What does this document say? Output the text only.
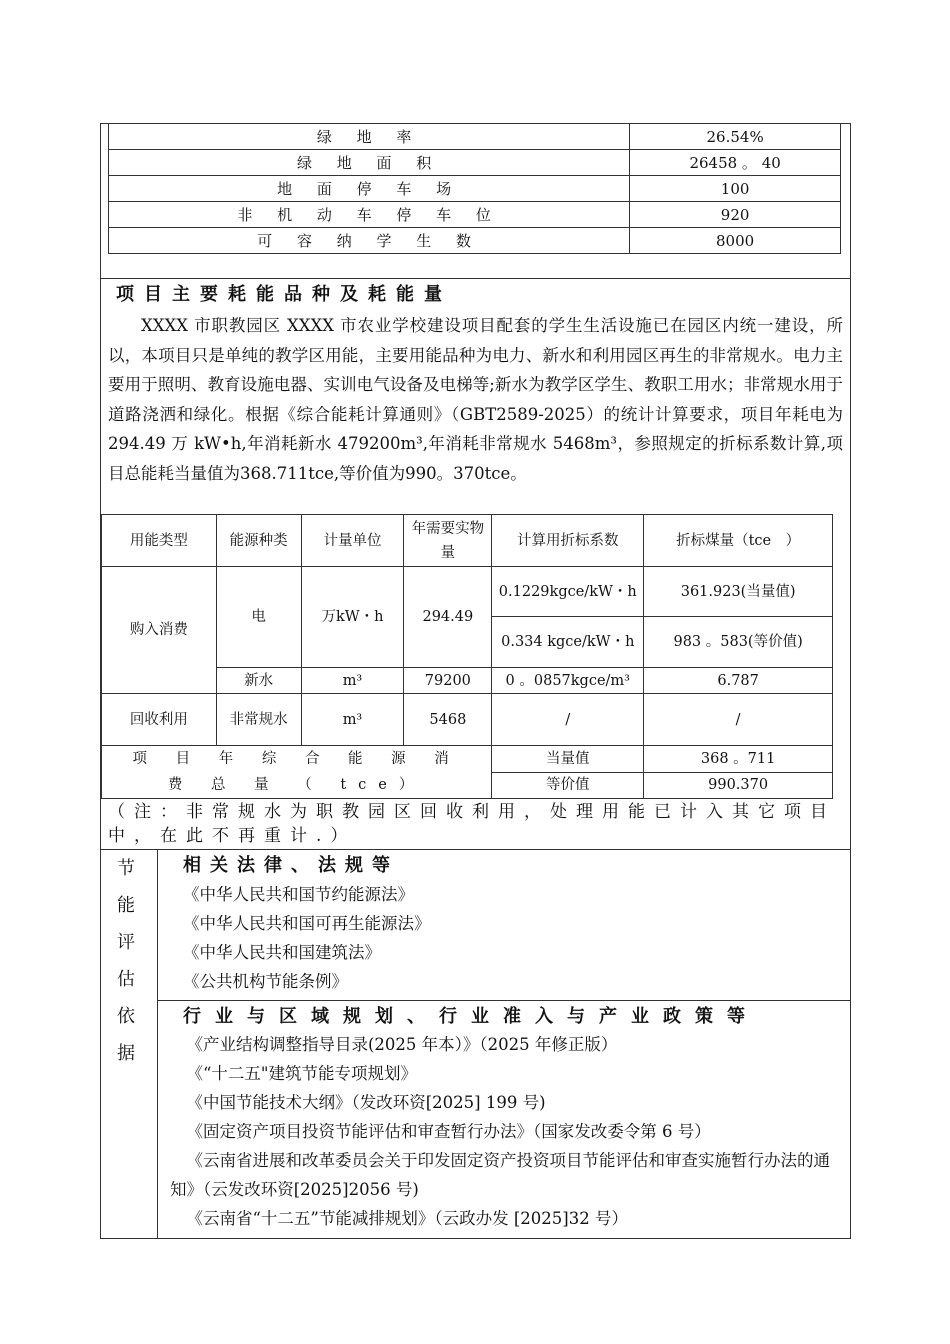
绿 地 率	26.54%
绿 地 面 积	26458 。 40
地 面 停 车 场	100
非 机 动 车 停 车 位	920
可 容 纳 学 生 数	8000
项目主要耗能品种及耗能量

XXXX 市职教园区 XXXX 市农业学校建设项目配套的学生生活设施已在园区内统一建设，所以，本项目只是单纯的教学区用能，主要用能品种为电力、新水和利用园区再生的非常规水。电力主要用于照明、教育设施电器、实训电气设备及电梯等;新水为教学区学生、教职工用水；非常规水用于道路浇洒和绿化。根据《综合能耗计算通则》（GBT2589-2025）的统计计算要求，项目年耗电为 294.49 万 kW•h,年消耗新水 479200m³,年消耗非常规水 5468m³，参照规定的折标系数计算,项目总能耗当量值为368.711tce,等价值为990。370tce。

用能类型	能源种类	计量单位	年需要实物量	计算用折标系数	折标煤量（tce　）
购入消费	电	万kW・h	294.49	0.1229kgce/kW・h	361.923(当量值)
				0.334 kgce/kW・h	983 。583(等价值)
	新水	m³	79200	0 。0857kgce/m³	6.787
回收利用	非常规水	m³	5468	/	/
项 目 年 综 合 能 源 消 费 总 量 （ tce）				当量值	368 。711
				等价值	990.370
（注：非常规水为职教园区回收利用，处理用能已计入其它项目中，在此不再重计.）
节
能
评
估
依
据
相关法律、法规等
《中华人民共和国节约能源法》
《中华人民共和国可再生能源法》
《中华人民共和国建筑法》
《公共机构节能条例》
行业与区域规划、行业准入与产业政策等
《产业结构调整指导目录(2025 年本）》（2025 年修正版）
《“十二五"建筑节能专项规划》
《中国节能技术大纲》（发改环资[2025] 199 号)
《固定资产项目投资节能评估和审查暂行办法》（国家发改委令第 6 号）
《云南省进展和改革委员会关于印发固定资产投资项目节能评估和审查实施暂行办法的通知》（云发改环资[2025]2056 号)
《云南省“十二五”节能减排规划》（云政办发 [2025]32 号）
